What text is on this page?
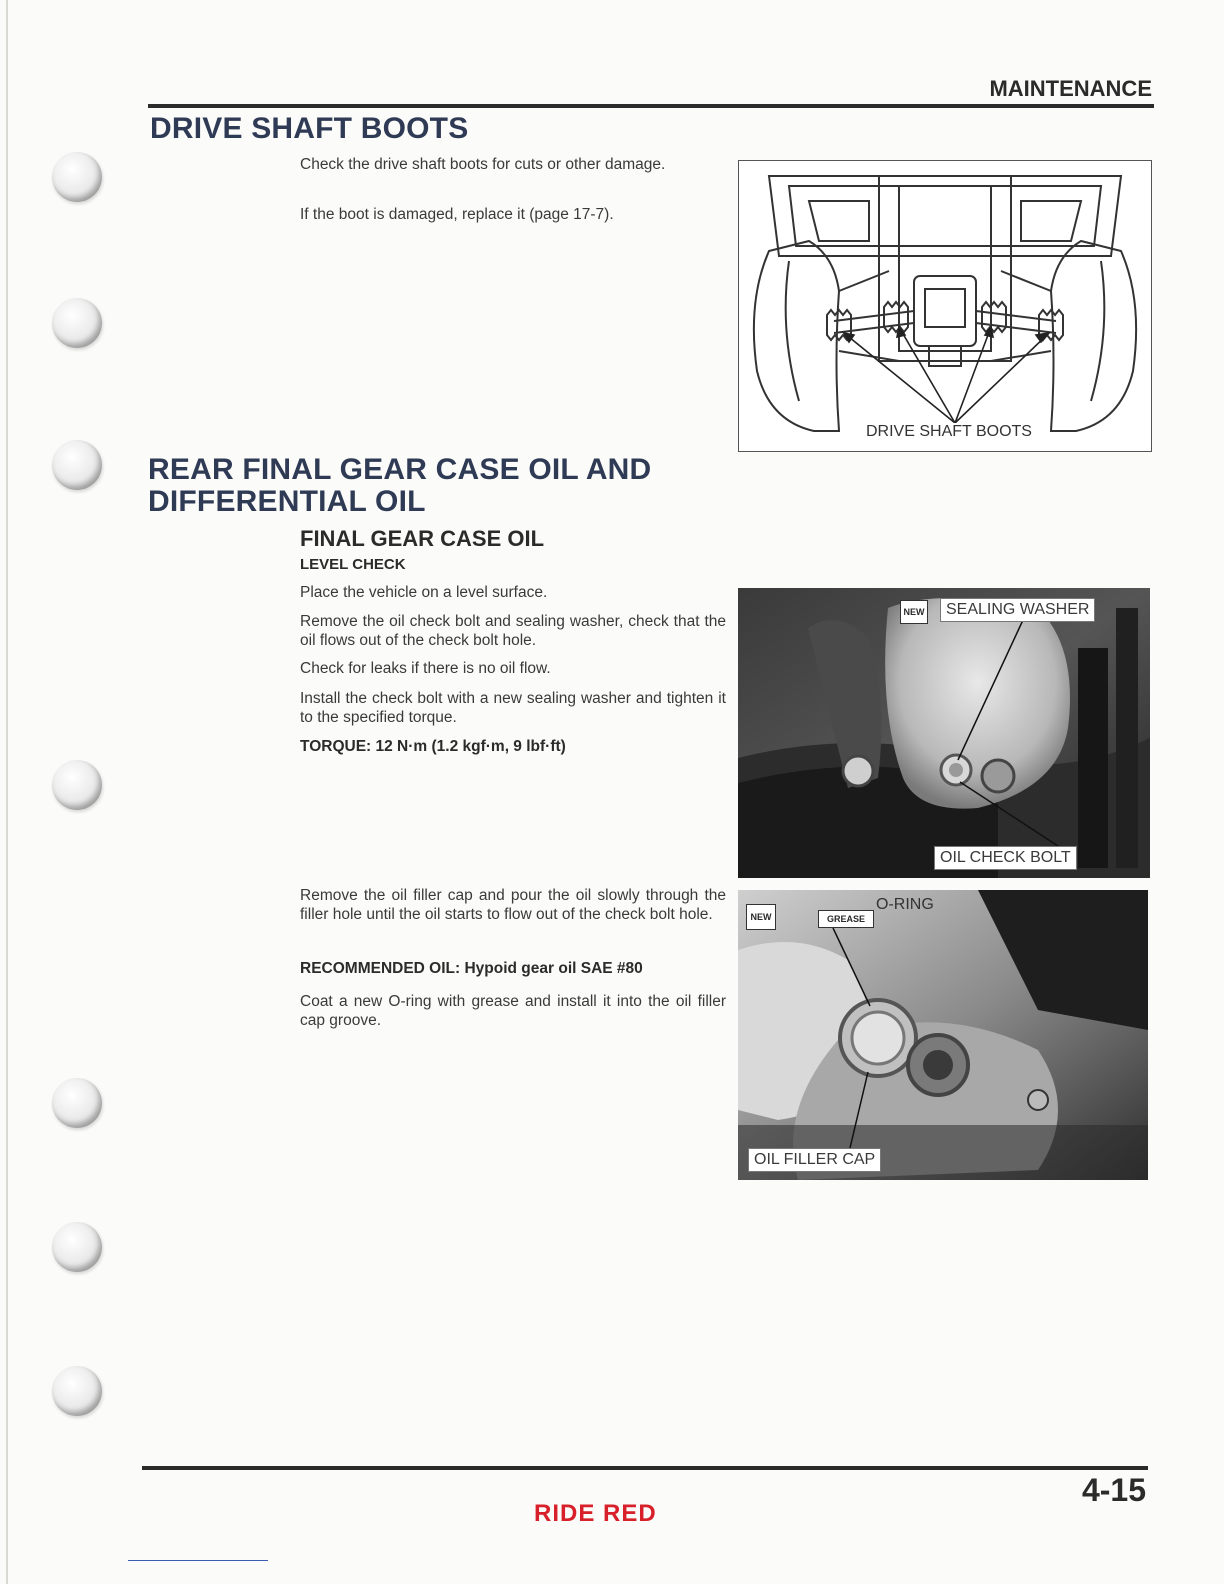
MAINTENANCE
DRIVE SHAFT BOOTS
Check the drive shaft boots for cuts or other damage.
If the boot is damaged, replace it (page 17-7).
DRIVE SHAFT BOOTS
REAR FINAL GEAR CASE OIL AND
DIFFERENTIAL OIL
FINAL GEAR CASE OIL
LEVEL CHECK
Place the vehicle on a level surface.
Remove the oil check bolt and sealing washer, check that the oil flows out of the check bolt hole.
Check for leaks if there is no oil flow.
Install the check bolt with a new sealing washer and tighten it to the specified torque.
TORQUE: 12 N·m (1.2 kgf·m, 9 lbf·ft)
Remove the oil filler cap and pour the oil slowly through the filler hole until the oil starts to flow out of the check bolt hole.
RECOMMENDED OIL: Hypoid gear oil SAE #80
Coat a new O-ring with grease and install it into the oil filler cap groove.
NEW	SEALING WASHER
OIL CHECK BOLT
NEW	GREASE
O-RING
OIL FILLER CAP
4-15
RIDE RED
